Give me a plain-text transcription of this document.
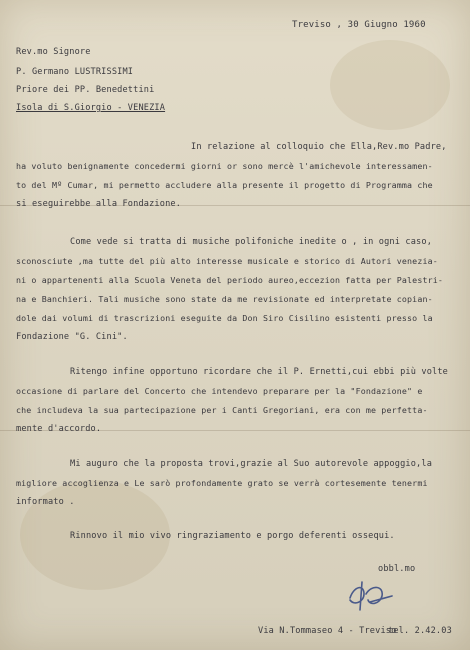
Treviso , 30 Giugno 1960
Rev.mo Signore
P. Germano LUSTRISSIMI
Priore dei PP. Benedettini
Isola di S.Giorgio - VENEZIA
In relazione al colloquio che Ella,Rev.mo Padre,
ha voluto benignamente concedermi giorni or sono mercè l'amichevole interessamen-
to del Mº Cumar, mi permetto accludere alla presente il progetto di Programma che
si eseguirebbe alla Fondazione.
Come vede si tratta di musiche polifoniche inedite o , in ogni caso,
sconosciute ,ma tutte del più alto interesse musicale e storico di Autori venezia-
ni o appartenenti alla Scuola Veneta del periodo aureo,eccezion fatta per Palestri-
na e Banchieri. Tali musiche sono state da me revisionate ed interpretate copian-
dole dai volumi di trascrizioni eseguite da Don Siro Cisilino esistenti presso la
Fondazione "G. Cini".
Ritengo infine opportuno ricordare che il P. Ernetti,cui ebbi più volte
occasione di parlare del Concerto che intendevo preparare per la "Fondazione" e
che includeva la sua partecipazione per i Canti Gregoriani, era con me perfetta-
mente d'accordo.
Mi auguro che la proposta trovi,grazie al Suo autorevole appoggio,la
migliore accoglienza e Le sarò profondamente grato se verrà cortesemente tenermi
informato .
Rinnovo il mio vivo ringraziamento e porgo deferenti ossequi.
obbl.mo
Via N.Tommaseo 4 - Treviso
tel. 2.42.03
